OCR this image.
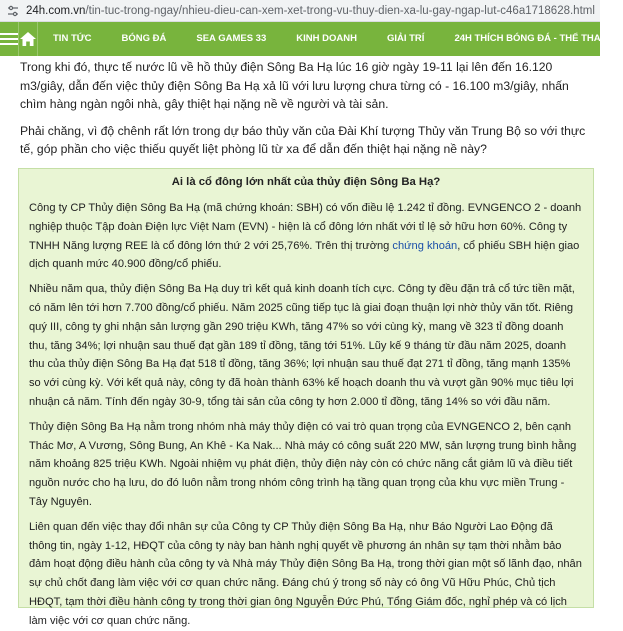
24h.com.vn/tin-tuc-trong-ngay/nhieu-dieu-can-xem-xet-trong-vu-thuy-dien-xa-lu-gay-ngap-lut-c46a1718628.html
TIN TỨC	BÓNG ĐÁ	SEA GAMES 33	KINH DOANH	GIẢI TRÍ	24H THÍCH BÓNG ĐÁ - THỂ THAO

Trong khi đó, thực tế nước lũ về hồ thủy điện Sông Ba Hạ lúc 16 giờ ngày 19-11 lại lên đến 16.120 m3/giây, dẫn đến việc thủy điện Sông Ba Hạ xả lũ với lưu lượng chưa từng có - 16.100 m3/giây, nhấn chìm hàng ngàn ngôi nhà, gây thiệt hại nặng nề về người và tài sản.

Phải chăng, vì độ chênh rất lớn trong dự báo thủy văn của Đài Khí tượng Thủy văn Trung Bộ so với thực tế, góp phần cho việc thiếu quyết liệt phòng lũ từ xa để dẫn đến thiệt hại nặng nề này?

Ai là cổ đông lớn nhất của thủy điện Sông Ba Hạ?

Công ty CP Thủy điện Sông Ba Hạ (mã chứng khoán: SBH) có vốn điều lệ 1.242 tỉ đồng. EVNGENCO 2 - doanh nghiệp thuộc Tập đoàn Điện lực Việt Nam (EVN) - hiện là cổ đông lớn nhất với tỉ lệ sở hữu hơn 60%. Công ty TNHH Năng lượng REE là cổ đông lớn thứ 2 với 25,76%. Trên thị trường chứng khoán, cổ phiếu SBH hiện giao dịch quanh mức 40.900 đồng/cổ phiếu.

Nhiều năm qua, thủy điện Sông Ba Hạ duy trì kết quả kinh doanh tích cực. Công ty đều đặn trả cổ tức tiền mặt, có năm lên tới hơn 7.700 đồng/cổ phiếu. Năm 2025 cũng tiếp tục là giai đoạn thuận lợi nhờ thủy văn tốt. Riêng quý III, công ty ghi nhận sản lượng gần 290 triệu KWh, tăng 47% so với cùng kỳ, mang về 323 tỉ đồng doanh thu, tăng 34%; lợi nhuận sau thuế đạt gần 189 tỉ đồng, tăng tới 51%. Lũy kế 9 tháng từ đầu năm 2025, doanh thu của thủy điện Sông Ba Hạ đạt 518 tỉ đồng, tăng 36%; lợi nhuận sau thuế đạt 271 tỉ đồng, tăng mạnh 135% so với cùng kỳ. Với kết quả này, công ty đã hoàn thành 63% kế hoạch doanh thu và vượt gần 90% mục tiêu lợi nhuận cả năm. Tính đến ngày 30-9, tổng tài sản của công ty hơn 2.000 tỉ đồng, tăng 14% so với đầu năm.

Thủy điện Sông Ba Hạ nằm trong nhóm nhà máy thủy điện có vai trò quan trọng của EVNGENCO 2, bên cạnh Thác Mơ, A Vương, Sông Bung, An Khê - Ka Nak... Nhà máy có công suất 220 MW, sản lượng trung bình hằng năm khoảng 825 triệu KWh. Ngoài nhiệm vụ phát điện, thủy điện này còn có chức năng cắt giảm lũ và điều tiết nguồn nước cho hạ lưu, do đó luôn nằm trong nhóm công trình hạ tầng quan trọng của khu vực miền Trung - Tây Nguyên.

Liên quan đến việc thay đổi nhân sự của Công ty CP Thủy điện Sông Ba Hạ, như Báo Người Lao Động đã thông tin, ngày 1-12, HĐQT của công ty này ban hành nghị quyết về phương án nhân sự tạm thời nhằm bảo đảm hoạt động điều hành của công ty và Nhà máy Thủy điện Sông Ba Hạ, trong thời gian một số lãnh đạo, nhân sự chủ chốt đang làm việc với cơ quan chức năng. Đáng chú ý trong số này có ông Vũ Hữu Phúc, Chủ tịch HĐQT, tạm thời điều hành công ty trong thời gian ông Nguyễn Đức Phú, Tổng Giám đốc, nghỉ phép và có lịch làm việc với cơ quan chức năng.
